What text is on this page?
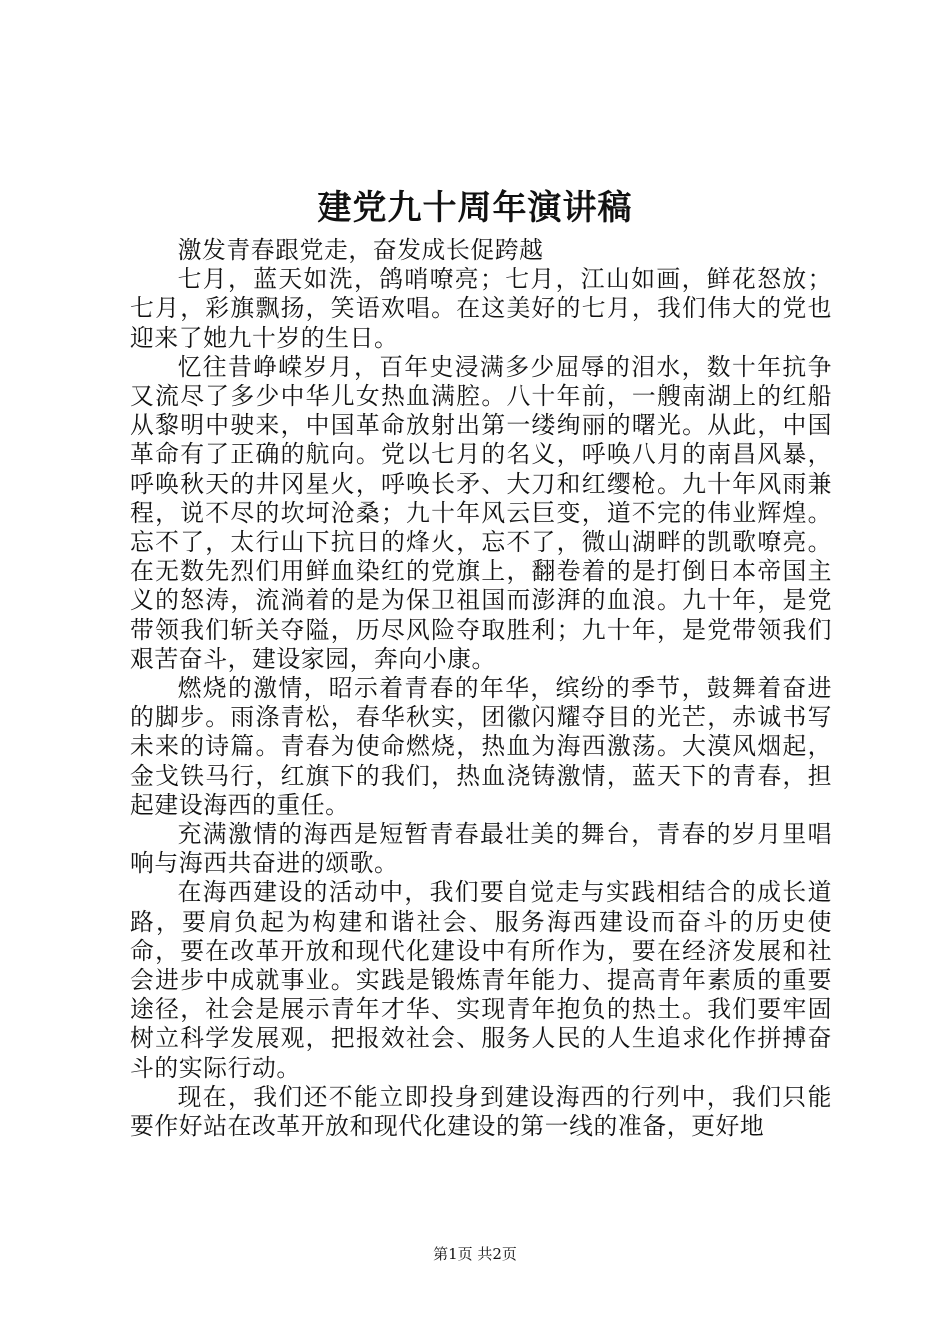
建党九十周年演讲稿

激发青春跟党走，奋发成长促跨越

七月，蓝天如洗，鸽哨嘹亮；七月，江山如画，鲜花怒放；七月，彩旗飘扬，笑语欢唱。在这美好的七月，我们伟大的党也迎来了她九十岁的生日。

忆往昔峥嵘岁月，百年史浸满多少屈辱的泪水，数十年抗争又流尽了多少中华儿女热血满腔。八十年前，一艘南湖上的红船从黎明中驶来，中国革命放射出第一缕绚丽的曙光。从此，中国革命有了正确的航向。党以七月的名义，呼唤八月的南昌风暴，呼唤秋天的井冈星火，呼唤长矛、大刀和红缨枪。九十年风雨兼程，说不尽的坎坷沧桑；九十年风云巨变，道不完的伟业辉煌。忘不了，太行山下抗日的烽火，忘不了，微山湖畔的凯歌嘹亮。在无数先烈们用鲜血染红的党旗上，翻卷着的是打倒日本帝国主义的怒涛，流淌着的是为保卫祖国而澎湃的血浪。九十年，是党带领我们斩关夺隘，历尽风险夺取胜利；九十年，是党带领我们艰苦奋斗，建设家园，奔向小康。

燃烧的激情，昭示着青春的年华，缤纷的季节，鼓舞着奋进的脚步。雨涤青松，春华秋实，团徽闪耀夺目的光芒，赤诚书写未来的诗篇。青春为使命燃烧，热血为海西激荡。大漠风烟起，金戈铁马行，红旗下的我们，热血浇铸激情，蓝天下的青春，担起建设海西的重任。

充满激情的海西是短暂青春最壮美的舞台，青春的岁月里唱响与海西共奋进的颂歌。

在海西建设的活动中，我们要自觉走与实践相结合的成长道路，要肩负起为构建和谐社会、服务海西建设而奋斗的历史使命，要在改革开放和现代化建设中有所作为，要在经济发展和社会进步中成就事业。实践是锻炼青年能力、提高青年素质的重要途径，社会是展示青年才华、实现青年抱负的热土。我们要牢固树立科学发展观，把报效社会、服务人民的人生追求化作拼搏奋斗的实际行动。

现在，我们还不能立即投身到建设海西的行列中，我们只能要作好站在改革开放和现代化建设的第一线的准备，更好地

第1页 共2页
